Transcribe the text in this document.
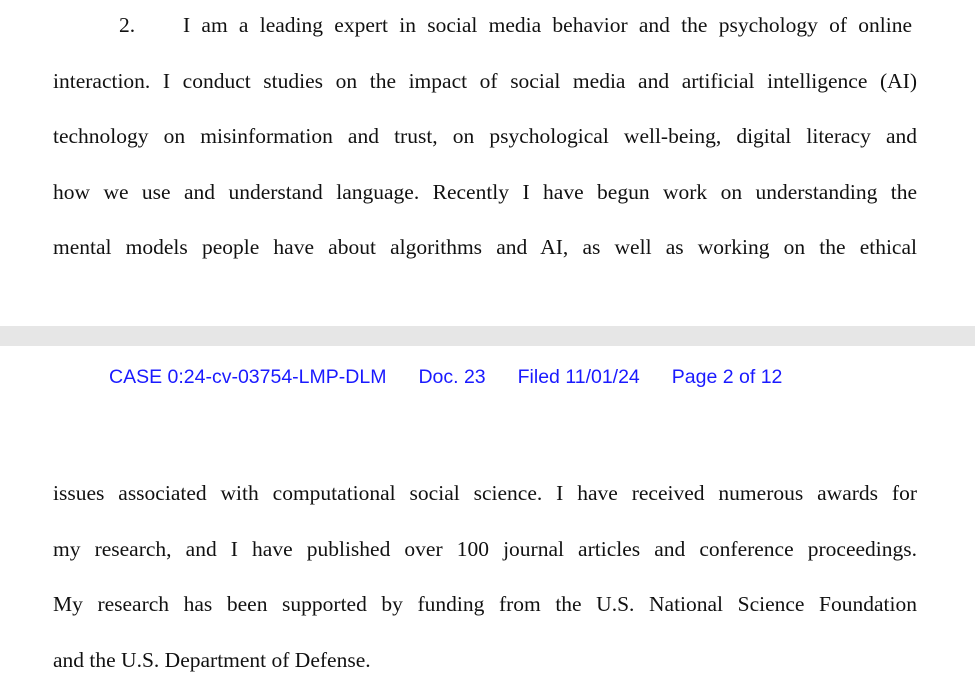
2. I am a leading expert in social media behavior and the psychology of online
interaction. I conduct studies on the impact of social media and artificial intelligence (AI)
technology on misinformation and trust, on psychological well-being, digital literacy and
how we use and understand language. Recently I have begun work on understanding the
mental models people have about algorithms and AI, as well as working on the ethical
CASE 0:24-cv-03754-LMP-DLM Doc. 23 Filed 11/01/24 Page 2 of 12
issues associated with computational social science. I have received numerous awards for
my research, and I have published over 100 journal articles and conference proceedings.
My research has been supported by funding from the U.S. National Science Foundation
and the U.S. Department of Defense.
